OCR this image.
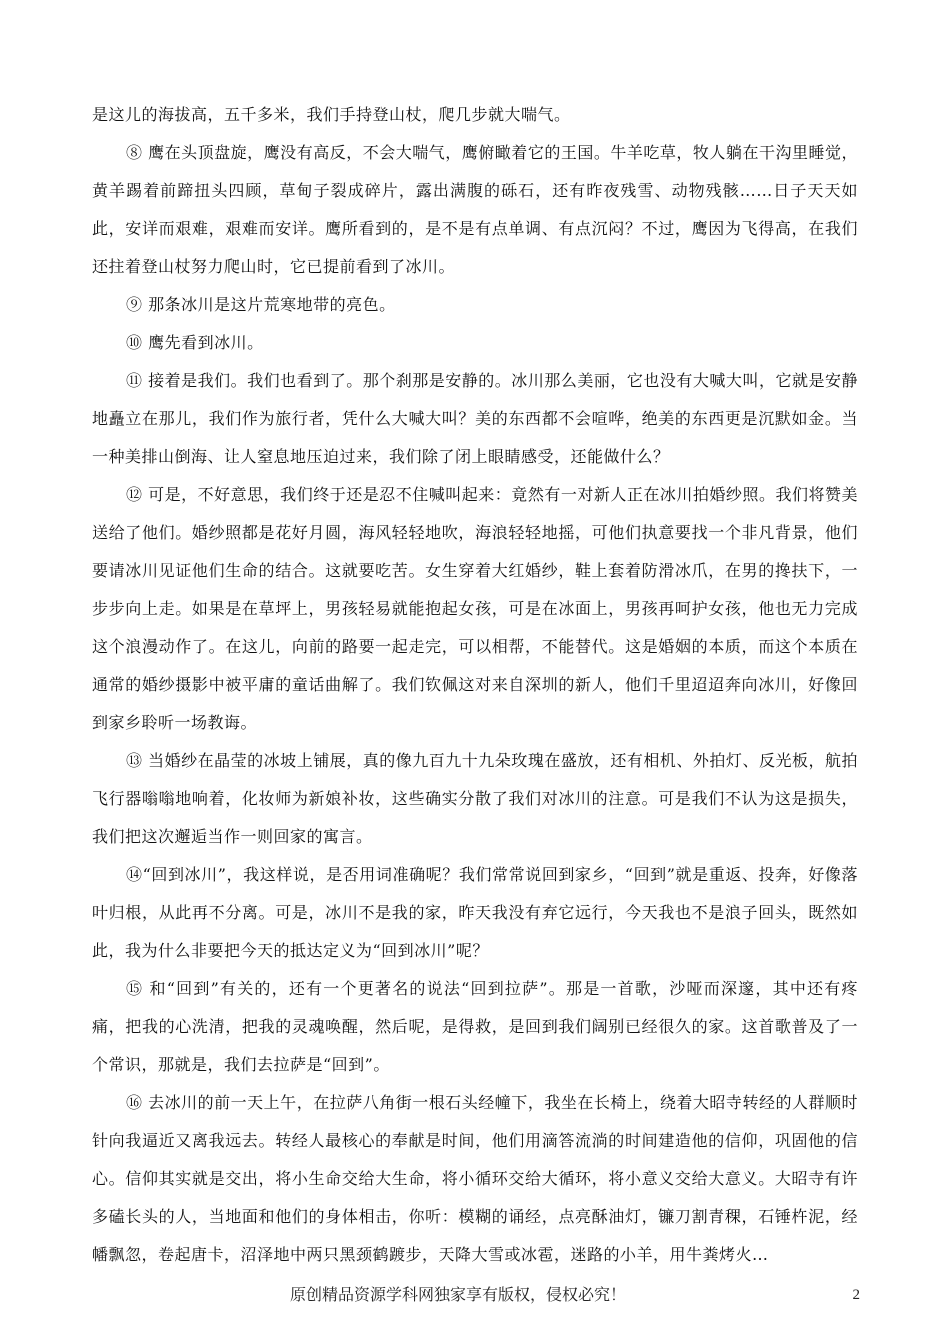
是这儿的海拔高，五千多米，我们手持登山杖，爬几步就大喘气。

⑧ 鹰在头顶盘旋，鹰没有高反，不会大喘气，鹰俯瞰着它的王国。牛羊吃草，牧人躺在干沟里睡觉，黄羊踢着前蹄扭头四顾，草甸子裂成碎片，露出满腹的砾石，还有昨夜残雪、动物残骸……日子天天如此，安详而艰难，艰难而安详。鹰所看到的，是不是有点单调、有点沉闷？不过，鹰因为飞得高，在我们还拄着登山杖努力爬山时，它已提前看到了冰川。

⑨ 那条冰川是这片荒寒地带的亮色。

⑩ 鹰先看到冰川。

⑪ 接着是我们。我们也看到了。那个刹那是安静的。冰川那么美丽，它也没有大喊大叫，它就是安静地矗立在那儿，我们作为旅行者，凭什么大喊大叫？美的东西都不会喧哗，绝美的东西更是沉默如金。当一种美排山倒海、让人窒息地压迫过来，我们除了闭上眼睛感受，还能做什么？

⑫ 可是，不好意思，我们终于还是忍不住喊叫起来：竟然有一对新人正在冰川拍婚纱照。我们将赞美送给了他们。婚纱照都是花好月圆，海风轻轻地吹，海浪轻轻地摇，可他们执意要找一个非凡背景，他们要请冰川见证他们生命的结合。这就要吃苦。女生穿着大红婚纱，鞋上套着防滑冰爪，在男的搀扶下，一步步向上走。如果是在草坪上，男孩轻易就能抱起女孩，可是在冰面上，男孩再呵护女孩，他也无力完成这个浪漫动作了。在这儿，向前的路要一起走完，可以相帮，不能替代。这是婚姻的本质，而这个本质在通常的婚纱摄影中被平庸的童话曲解了。我们钦佩这对来自深圳的新人，他们千里迢迢奔向冰川，好像回到家乡聆听一场教诲。

⑬ 当婚纱在晶莹的冰坡上铺展，真的像九百九十九朵玫瑰在盛放，还有相机、外拍灯、反光板，航拍飞行器嗡嗡地响着，化妆师为新娘补妆，这些确实分散了我们对冰川的注意。可是我们不认为这是损失，我们把这次邂逅当作一则回家的寓言。

⑭“回到冰川”，我这样说，是否用词准确呢？我们常常说回到家乡，“回到”就是重返、投奔，好像落叶归根，从此再不分离。可是，冰川不是我的家，昨天我没有弃它远行，今天我也不是浪子回头，既然如此，我为什么非要把今天的抵达定义为“回到冰川”呢？

⑮ 和“回到”有关的，还有一个更著名的说法“回到拉萨”。那是一首歌，沙哑而深邃，其中还有疼痛，把我的心洗清，把我的灵魂唤醒，然后呢，是得救，是回到我们阔别已经很久的家。这首歌普及了一个常识，那就是，我们去拉萨是“回到”。

⑯ 去冰川的前一天上午，在拉萨八角街一根石头经幢下，我坐在长椅上，绕着大昭寺转经的人群顺时针向我逼近又离我远去。转经人最核心的奉献是时间，他们用滴答流淌的时间建造他的信仰，巩固他的信心。信仰其实就是交出，将小生命交给大生命，将小循环交给大循环，将小意义交给大意义。大昭寺有许多磕长头的人，当地面和他们的身体相击，你听：模糊的诵经，点亮酥油灯，镰刀割青稞，石锤杵泥，经幡飘忽，卷起唐卡，沼泽地中两只黑颈鹤踱步，天降大雪或冰雹，迷路的小羊，用牛粪烤火…

原创精品资源学科网独家享有版权，侵权必究！	2
